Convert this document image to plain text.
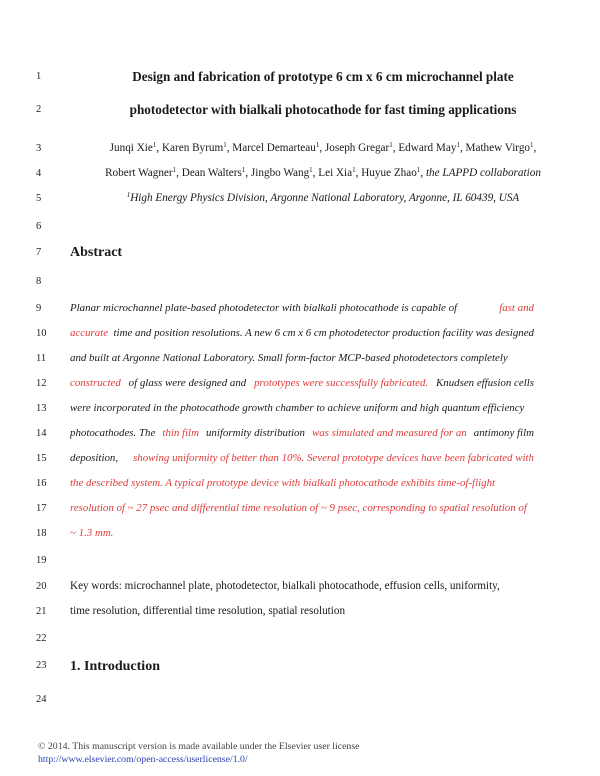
1
2
3
4
5
6
7
8
9
10
11
12
13
14
15
16
17
18
19
20
21
22
23
24
Design and fabrication of prototype 6 cm x 6 cm microchannel plate
photodetector with bialkali photocathode for fast timing applications
Junqi Xie$^1$, Karen Byrum$^1$, Marcel Demarteau$^1$, Joseph Gregar$^1$, Edward May$^1$, Mathew Virgo$^1$,
Robert Wagner$^1$, Dean Walters$^1$, Jingbo Wang$^1$, Lei Xia$^1$, Huyue Zhao$^1$, the LAPPD collaboration
$^1$High Energy Physics Division, Argonne National Laboratory, Argonne, IL 60439, USA
Abstract
Planar microchannel plate-based photodetector with bialkali photocathode is capable of	fast and
accurate
time and position resolutions. A new 6 cm x 6 cm photodetector production facility was designed
and built at Argonne National Laboratory. Small form-factor MCP-based photodetectors completely
constructed of glass were designed and prototypes were successfully fabricated. Knudsen effusion cells
were incorporated in the photocathode growth chamber to achieve uniform and high quantum efficiency
photocathodes. The thin film uniformity distribution was simulated and measured for an antimony film
deposition, showing uniformity of better than 10%. Several prototype devices have been fabricated with
the described system. A typical prototype device with bialkali photocathode exhibits time-of-flight
resolution of ~ 27 psec and differential time resolution of ~ 9 psec, corresponding to spatial resolution of
~ 1.3 mm.
Key words: microchannel plate, photodetector, bialkali photocathode, effusion cells, uniformity,
time resolution, differential time resolution, spatial resolution
1. Introduction
© 2014. This manuscript version is made available under the Elsevier user license
http://www.elsevier.com/open-access/userlicense/1.0/
